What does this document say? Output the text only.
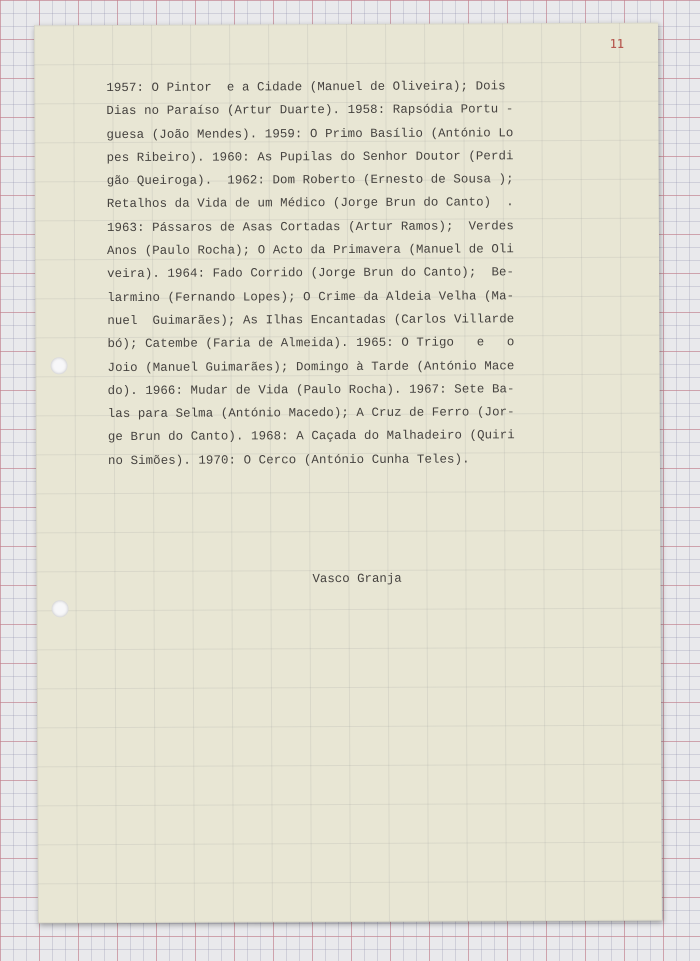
11
1957: O Pintor  e a Cidade (Manuel de Oliveira); Dois
Dias no Paraíso (Artur Duarte). 1958: Rapsódia Portu -
guesa (João Mendes). 1959: O Primo Basílio (António Lo
pes Ribeiro). 1960: As Pupilas do Senhor Doutor (Perdi
gão Queiroga).  1962: Dom Roberto (Ernesto de Sousa );
Retalhos da Vida de um Médico (Jorge Brun do Canto)  .
1963: Pássaros de Asas Cortadas (Artur Ramos);  Verdes
Anos (Paulo Rocha); O Acto da Primavera (Manuel de Oli
veira). 1964: Fado Corrido (Jorge Brun do Canto);  Be-
larmino (Fernando Lopes); O Crime da Aldeia Velha (Ma-
nuel  Guimarães); As Ilhas Encantadas (Carlos Villarde
bó); Catembe (Faria de Almeida). 1965: O Trigo   e   o
Joio (Manuel Guimarães); Domingo à Tarde (António Mace
do). 1966: Mudar de Vida (Paulo Rocha). 1967: Sete Ba-
las para Selma (António Macedo); A Cruz de Ferro (Jor-
ge Brun do Canto). 1968: A Caçada do Malhadeiro (Quiri
no Simões). 1970: O Cerco (António Cunha Teles).
Vasco Granja
